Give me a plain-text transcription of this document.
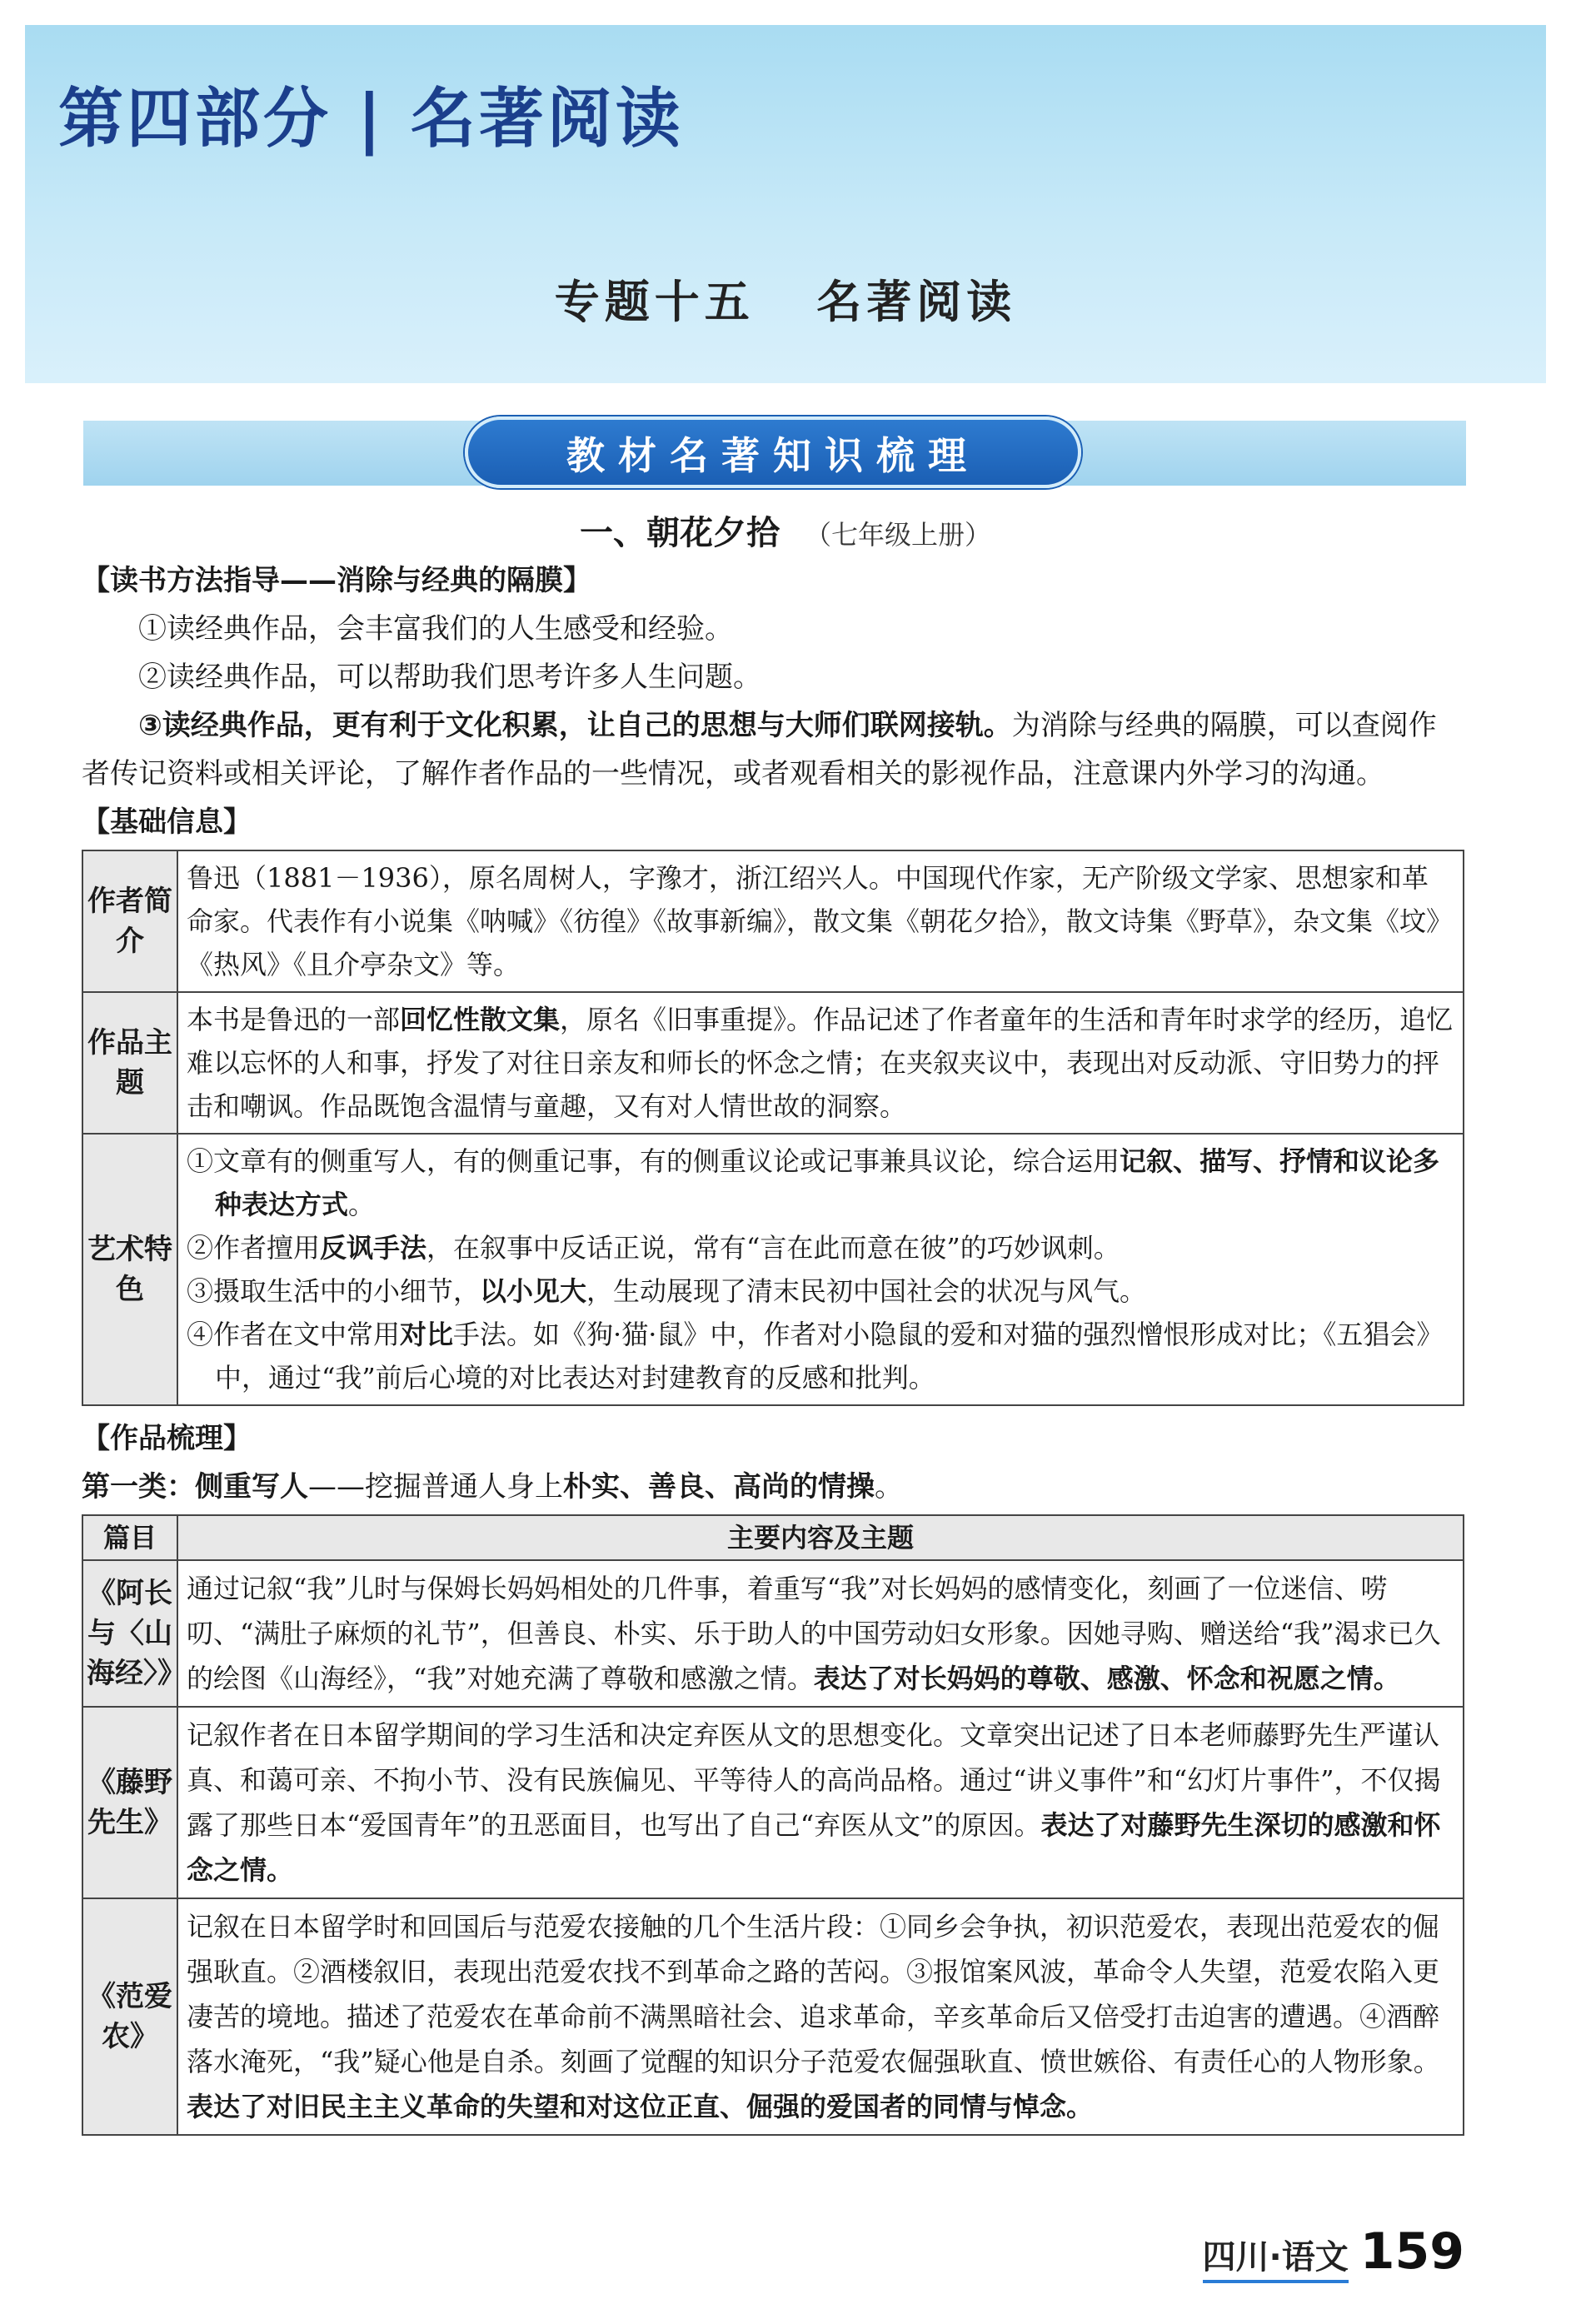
第四部分 | 名著阅读
专题十五   名著阅读
教材名著知识梳理
一、朝花夕拾 （七年级上册）
【读书方法指导——消除与经典的隔膜】
①读经典作品，会丰富我们的人生感受和经验。
②读经典作品，可以帮助我们思考许多人生问题。
③读经典作品，更有利于文化积累，让自己的思想与大师们联网接轨。为消除与经典的隔膜，可以查阅作者传记资料或相关评论，了解作者作品的一些情况，或者观看相关的影视作品，注意课内外学习的沟通。
【基础信息】
作者简介	鲁迅（1881－1936），原名周树人，字豫才，浙江绍兴人。中国现代作家，无产阶级文学家、思想家和革命家。代表作有小说集《呐喊》《彷徨》《故事新编》，散文集《朝花夕拾》，散文诗集《野草》，杂文集《坟》《热风》《且介亭杂文》等。
作品主题	本书是鲁迅的一部回忆性散文集，原名《旧事重提》。作品记述了作者童年的生活和青年时求学的经历，追忆难以忘怀的人和事，抒发了对往日亲友和师长的怀念之情；在夹叙夹议中，表现出对反动派、守旧势力的抨击和嘲讽。作品既饱含温情与童趣，又有对人情世故的洞察。
艺术特色	①文章有的侧重写人，有的侧重记事，有的侧重议论或记事兼具议论，综合运用记叙、描写、抒情和议论多种表达方式。
②作者擅用反讽手法，在叙事中反话正说，常有“言在此而意在彼”的巧妙讽刺。
③摄取生活中的小细节，以小见大，生动展现了清末民初中国社会的状况与风气。
④作者在文中常用对比手法。如《狗·猫·鼠》中，作者对小隐鼠的爱和对猫的强烈憎恨形成对比；《五猖会》中，通过“我”前后心境的对比表达对封建教育的反感和批判。
【作品梳理】
第一类：侧重写人——挖掘普通人身上朴实、善良、高尚的情操。
篇目	主要内容及主题
《阿长与〈山海经〉》	通过记叙“我”儿时与保姆长妈妈相处的几件事，着重写“我”对长妈妈的感情变化，刻画了一位迷信、唠叨、“满肚子麻烦的礼节”，但善良、朴实、乐于助人的中国劳动妇女形象。因她寻购、赠送给“我”渴求已久的绘图《山海经》，“我”对她充满了尊敬和感激之情。表达了对长妈妈的尊敬、感激、怀念和祝愿之情。
《藤野先生》	记叙作者在日本留学期间的学习生活和决定弃医从文的思想变化。文章突出记述了日本老师藤野先生严谨认真、和蔼可亲、不拘小节、没有民族偏见、平等待人的高尚品格。通过“讲义事件”和“幻灯片事件”，不仅揭露了那些日本“爱国青年”的丑恶面目，也写出了自己“弃医从文”的原因。表达了对藤野先生深切的感激和怀念之情。
《范爱农》	记叙在日本留学时和回国后与范爱农接触的几个生活片段：①同乡会争执，初识范爱农，表现出范爱农的倔强耿直。②酒楼叙旧，表现出范爱农找不到革命之路的苦闷。③报馆案风波，革命令人失望，范爱农陷入更凄苦的境地。描述了范爱农在革命前不满黑暗社会、追求革命，辛亥革命后又倍受打击迫害的遭遇。④酒醉落水淹死，“我”疑心他是自杀。刻画了觉醒的知识分子范爱农倔强耿直、愤世嫉俗、有责任心的人物形象。表达了对旧民主主义革命的失望和对这位正直、倔强的爱国者的同情与悼念。
四川·语文 159
